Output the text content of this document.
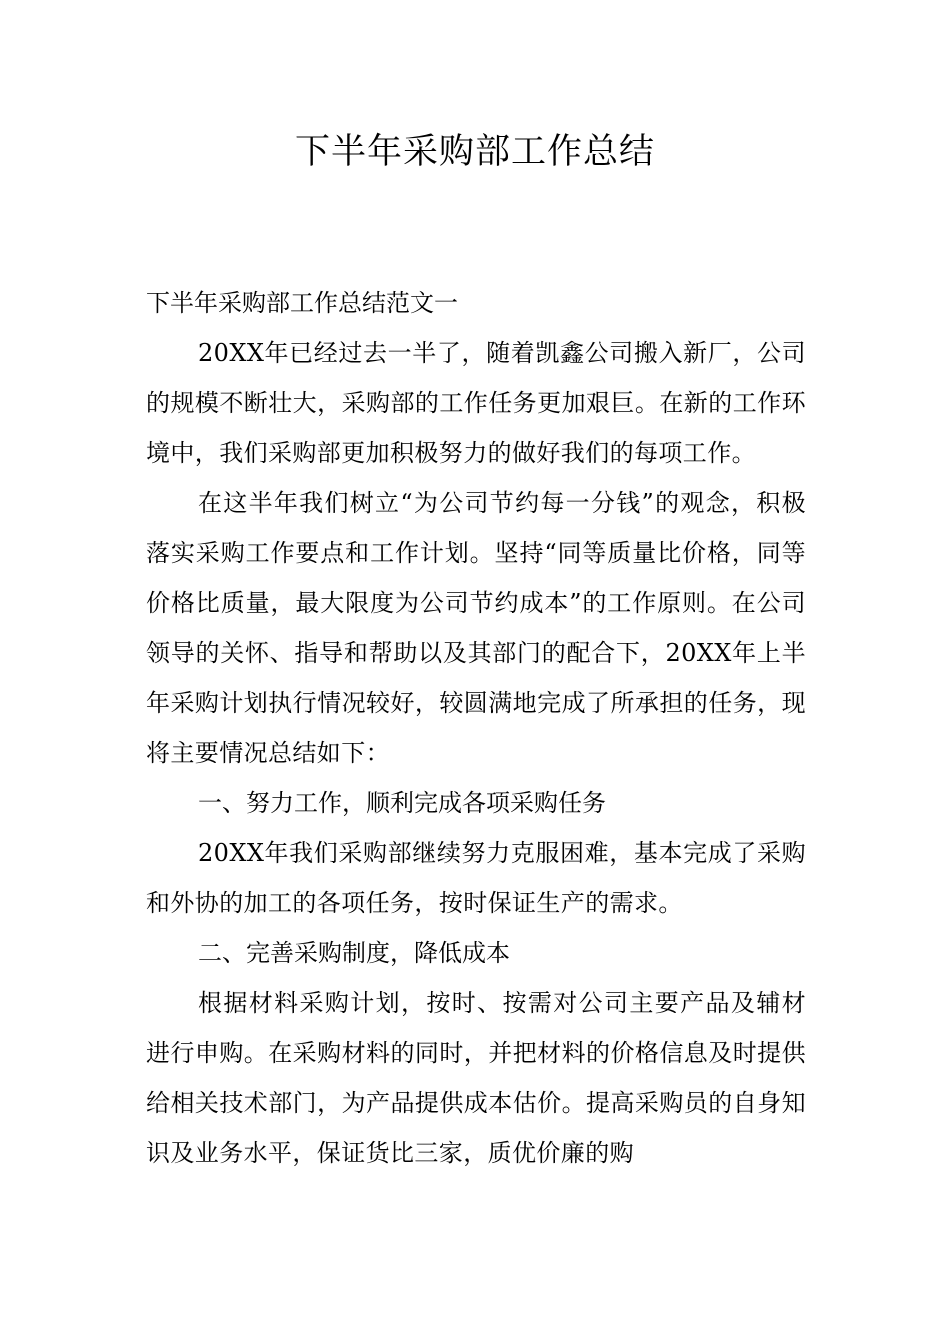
下半年采购部工作总结

下半年采购部工作总结范文一

20XX年已经过去一半了，随着凯鑫公司搬入新厂，公司的规模不断壮大，采购部的工作任务更加艰巨。在新的工作环境中，我们采购部更加积极努力的做好我们的每项工作。

在这半年我们树立“为公司节约每一分钱”的观念，积极落实采购工作要点和工作计划。坚持“同等质量比价格，同等价格比质量，最大限度为公司节约成本”的工作原则。在公司领导的关怀、指导和帮助以及其部门的配合下，20XX年上半年采购计划执行情况较好，较圆满地完成了所承担的任务，现将主要情况总结如下：

一、努力工作，顺利完成各项采购任务

20XX年我们采购部继续努力克服困难，基本完成了采购和外协的加工的各项任务，按时保证生产的需求。

二、完善采购制度，降低成本

根据材料采购计划，按时、按需对公司主要产品及辅材进行申购。在采购材料的同时，并把材料的价格信息及时提供给相关技术部门，为产品提供成本估价。提高采购员的自身知识及业务水平，保证货比三家，质优价廉的购
